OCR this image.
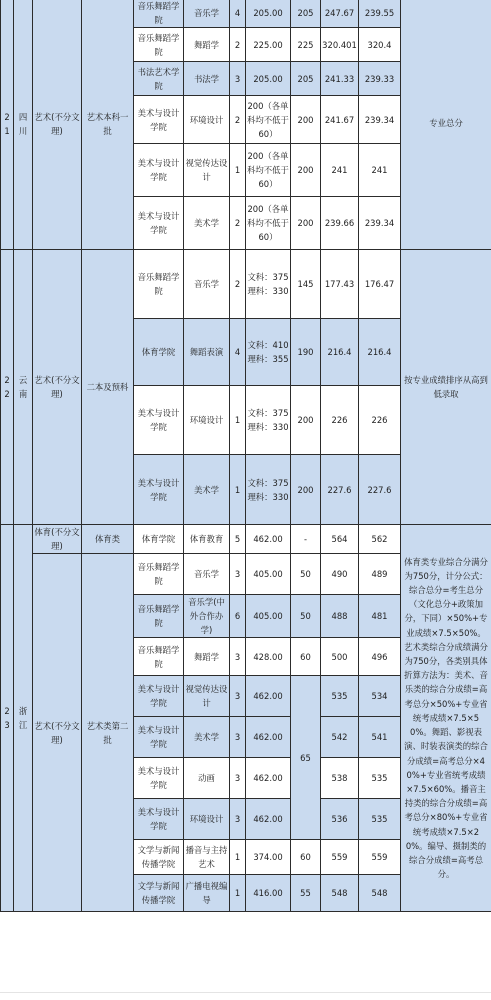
21	四川	艺术(不分文理)	艺术本科一批	音乐舞蹈学院	音乐学	4	205.00	205	247.67	239.55	专业总分
				音乐舞蹈学院	舞蹈学	2	225.00	225	320.401	320.4	
				书法艺术学院	书法学	3	205.00	205	241.33	239.33	
				美术与设计学院	环境设计	2	200（各单科均不低于60）	200	241.67	239.34	
				美术与设计学院	视觉传达设计	1	200（各单科均不低于60）	200	241	241	
				美术与设计学院	美术学	2	200（各单科均不低于60）	200	239.66	239.34	
22	云南	艺术(不分文理)	二本及预科	音乐舞蹈学院	音乐学	2	文科：375理科：330	145	177.43	176.47	按专业成绩排序从高到低录取
				体育学院	舞蹈表演	4	文科：410理科：355	190	216.4	216.4	
				美术与设计学院	环境设计	1	文科：375理科：330	200	226	226	
				美术与设计学院	美术学	1	文科：375理科：330	200	227.6	227.6	
23	浙江	体育(不分文理)	体育类	体育学院	体育教育	5	462.00	-	564	562	体育类专业综合分满分为750分，计分公式：综合总分=考生总分（文化总分+政策加分，下同）×50%+专业成绩×7.5×50%。艺术类综合分成绩满分为750分，各类别具体折算方法为：美术、音乐类的综合分成绩=高考总分×50%+专业省统考成绩×7.5×50%。舞蹈、影视表演、时装表演类的综合分成绩=高考总分×40%+专业省统考成绩×7.5×60%。播音主持类的综合分成绩=高考总分×80%+专业省统考成绩×7.5×20%。编导、摄制类的综合分成绩=高考总分。
		艺术(不分文理)	艺术类第二批	音乐舞蹈学院	音乐学	3	405.00	50	490	489	
				音乐舞蹈学院	音乐学(中外合作办学)	6	405.00	50	488	481	
				音乐舞蹈学院	舞蹈学	3	428.00	60	500	496	
				美术与设计学院	视觉传达设计	3	462.00	65	535	534	
				美术与设计学院	美术学	3	462.00		542	541	
				美术与设计学院	动画	3	462.00		538	535	
				美术与设计学院	环境设计	3	462.00		536	535	
				文学与新闻传播学院	播音与主持艺术	1	374.00	60	559	559	
				文学与新闻传播学院	广播电视编导	1	416.00	55	548	548	
